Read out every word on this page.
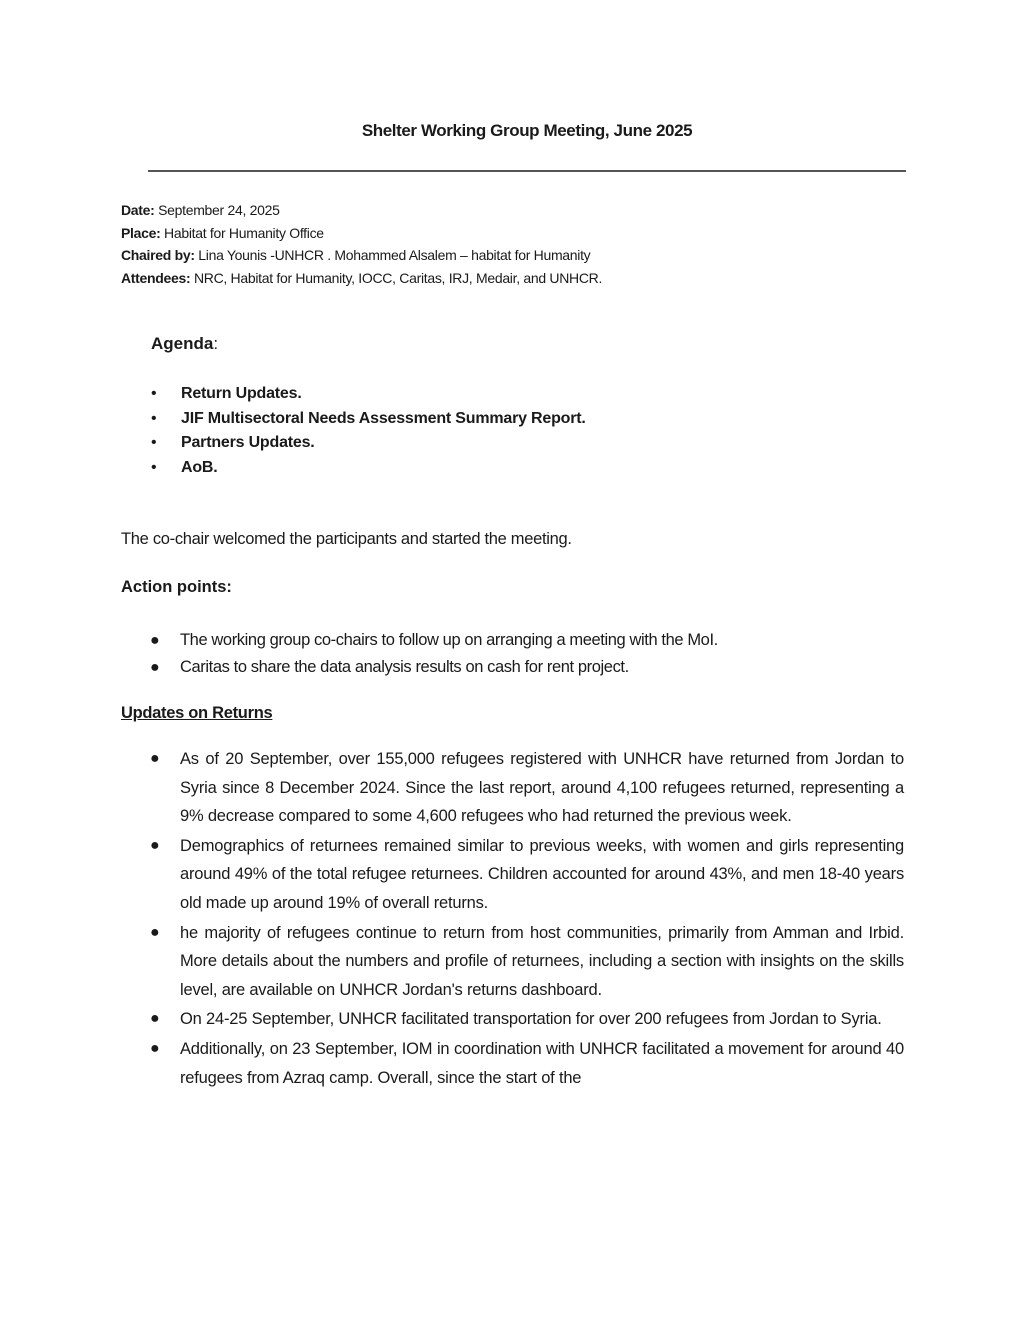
Shelter Working Group Meeting, June 2025
Date: September 24, 2025
Place: Habitat for Humanity Office
Chaired by: Lina Younis -UNHCR . Mohammed Alsalem – habitat for Humanity
Attendees: NRC, Habitat for Humanity, IOCC, Caritas, IRJ, Medair, and UNHCR.
Agenda:
• Return Updates.
• JIF Multisectoral Needs Assessment Summary Report.
• Partners Updates.
• AoB.
The co-chair welcomed the participants and started the meeting.
Action points:
● The working group co-chairs to follow up on arranging a meeting with the MoI.
● Caritas to share the data analysis results on cash for rent project.
Updates on Returns
● As of 20 September, over 155,000 refugees registered with UNHCR have returned from Jordan to Syria since 8 December 2024. Since the last report, around 4,100 refugees returned, representing a 9% decrease compared to some 4,600 refugees who had returned the previous week.
● Demographics of returnees remained similar to previous weeks, with women and girls representing around 49% of the total refugee returnees. Children accounted for around 43%, and men 18-40 years old made up around 19% of overall returns.
● he majority of refugees continue to return from host communities, primarily from Amman and Irbid. More details about the numbers and profile of returnees, including a section with insights on the skills level, are available on UNHCR Jordan's returns dashboard.
● On 24-25 September, UNHCR facilitated transportation for over 200 refugees from Jordan to Syria.
● Additionally, on 23 September, IOM in coordination with UNHCR facilitated a movement for around 40 refugees from Azraq camp. Overall, since the start of the
